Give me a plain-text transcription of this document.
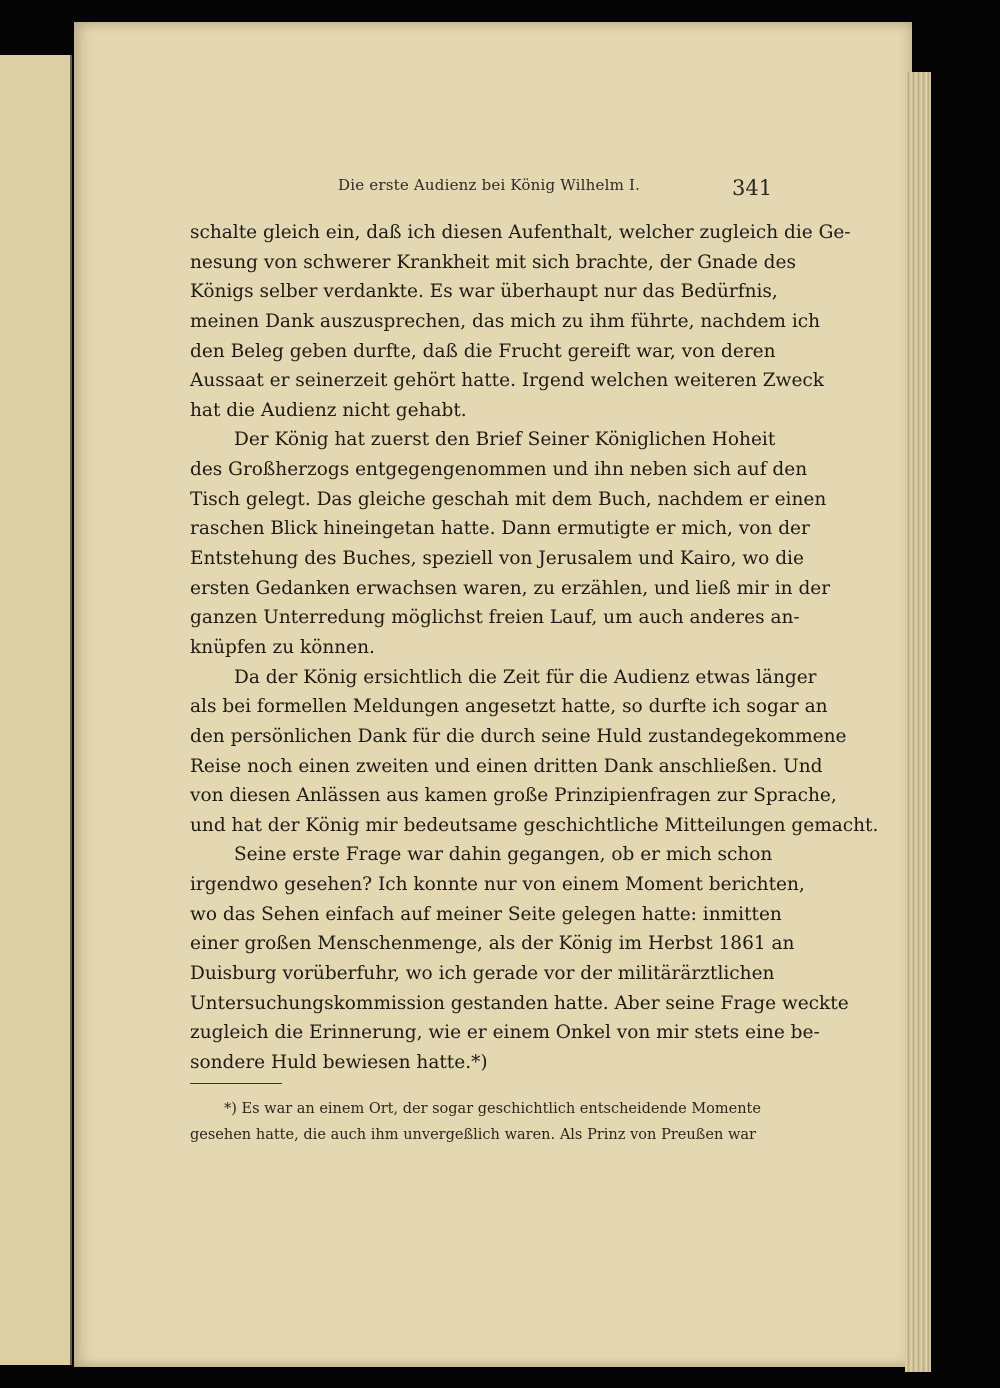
Die erste Audienz bei König Wilhelm I.	341
schalte gleich ein, daß ich diesen Aufenthalt, welcher zugleich die Ge-
nesung von schwerer Krankheit mit sich brachte, der Gnade des
Königs selber verdankte. Es war überhaupt nur das Bedürfnis,
meinen Dank auszusprechen, das mich zu ihm führte, nachdem ich
den Beleg geben durfte, daß die Frucht gereift war, von deren
Aussaat er seinerzeit gehört hatte. Irgend welchen weiteren Zweck
hat die Audienz nicht gehabt.
Der König hat zuerst den Brief Seiner Königlichen Hoheit
des Großherzogs entgegengenommen und ihn neben sich auf den
Tisch gelegt. Das gleiche geschah mit dem Buch, nachdem er einen
raschen Blick hineingetan hatte. Dann ermutigte er mich, von der
Entstehung des Buches, speziell von Jerusalem und Kairo, wo die
ersten Gedanken erwachsen waren, zu erzählen, und ließ mir in der
ganzen Unterredung möglichst freien Lauf, um auch anderes an-
knüpfen zu können.
Da der König ersichtlich die Zeit für die Audienz etwas länger
als bei formellen Meldungen angesetzt hatte, so durfte ich sogar an
den persönlichen Dank für die durch seine Huld zustandegekommene
Reise noch einen zweiten und einen dritten Dank anschließen. Und
von diesen Anlässen aus kamen große Prinzipienfragen zur Sprache,
und hat der König mir bedeutsame geschichtliche Mitteilungen gemacht.
Seine erste Frage war dahin gegangen, ob er mich schon
irgendwo gesehen? Ich konnte nur von einem Moment berichten,
wo das Sehen einfach auf meiner Seite gelegen hatte: inmitten
einer großen Menschenmenge, als der König im Herbst 1861 an
Duisburg vorüberfuhr, wo ich gerade vor der militärärztlichen
Untersuchungskommission gestanden hatte. Aber seine Frage weckte
zugleich die Erinnerung, wie er einem Onkel von mir stets eine be-
sondere Huld bewiesen hatte.*)
*) Es war an einem Ort, der sogar geschichtlich entscheidende Momente
gesehen hatte, die auch ihm unvergeßlich waren. Als Prinz von Preußen war
